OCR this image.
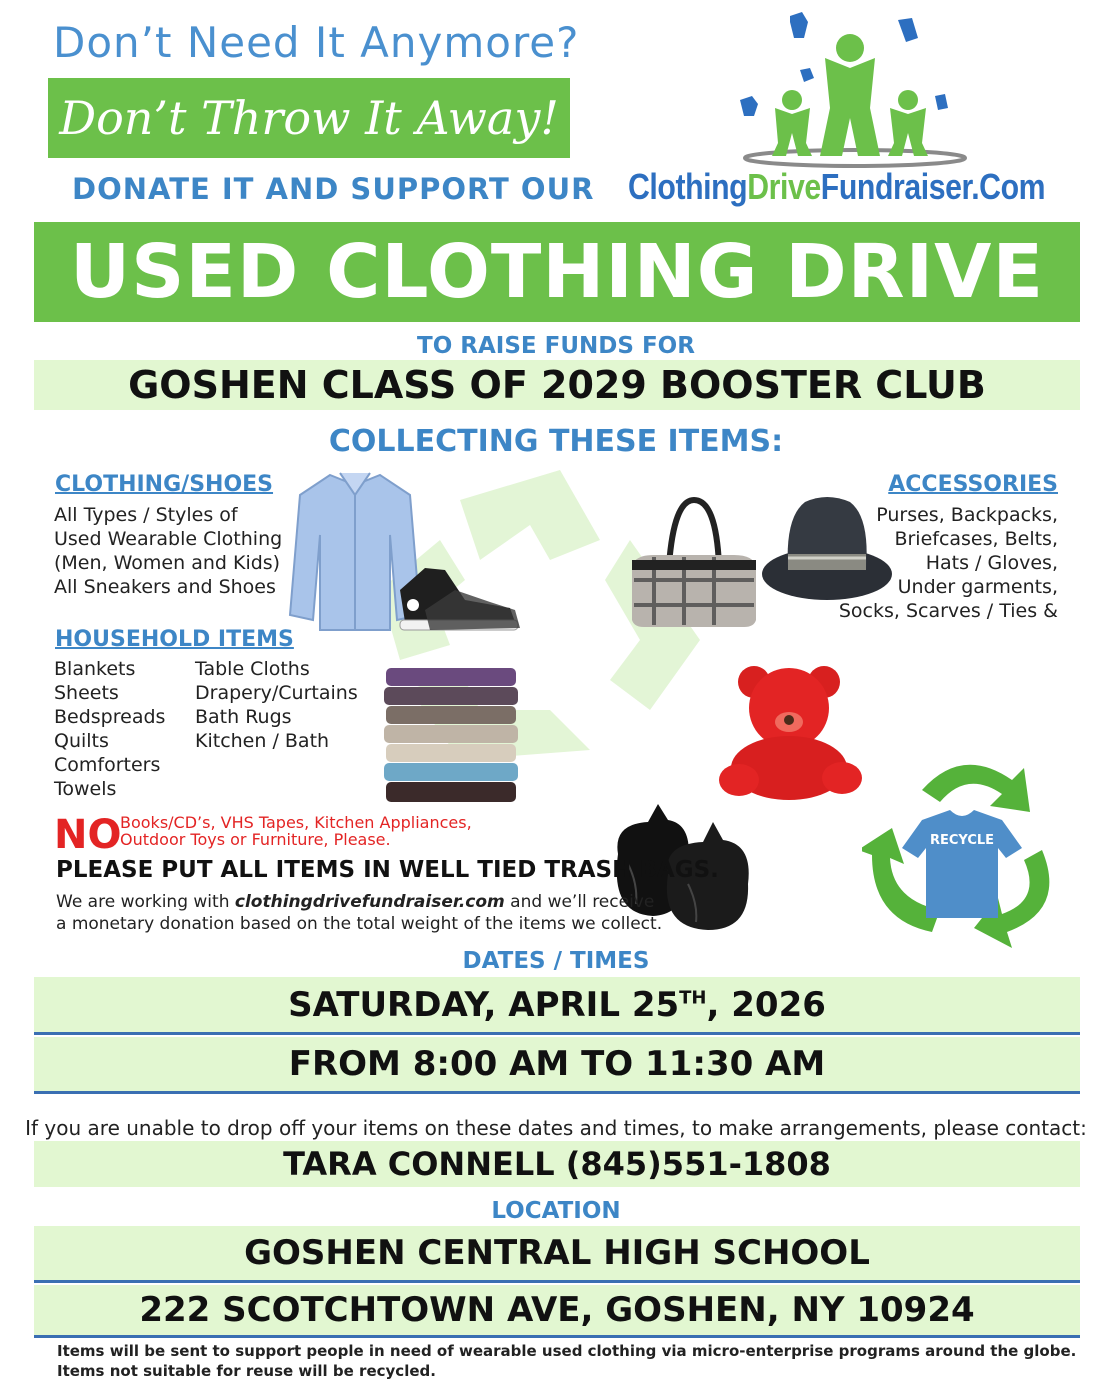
Don’t Need It Anymore?
Don’t Throw It Away!
DONATE IT AND SUPPORT OUR ClothingDriveFundraiser.Com
USED CLOTHING DRIVE
TO RAISE FUNDS FOR
GOSHEN CLASS OF 2029 BOOSTER CLUB
COLLECTING THESE ITEMS:
CLOTHING/SHOES
All Types / Styles of
Used Wearable Clothing
(Men, Women and Kids)
All Sneakers and Shoes
ACCESSORIES
Purses, Backpacks,
Briefcases, Belts,
Hats / Gloves,
Under garments,
Socks, Scarves / Ties &
HOUSEHOLD ITEMS
Blankets
Sheets
Bedspreads
Quilts
Comforters
Towels
Table Cloths
Drapery/Curtains
Bath Rugs
Kitchen / Bath
RECYCLE
NO
Books/CD’s, VHS Tapes, Kitchen Appliances,
Outdoor Toys or Furniture, Please.
PLEASE PUT ALL ITEMS IN WELL TIED TRASH BAGS.
We are working with clothingdrivefundraiser.com and we’ll receive
a monetary donation based on the total weight of the items we collect.
DATES / TIMES
SATURDAY, APRIL 25TH, 2026
FROM 8:00 AM TO 11:30 AM
If you are unable to drop off your items on these dates and times, to make arrangements, please contact:
TARA CONNELL (845)551-1808
LOCATION
GOSHEN CENTRAL HIGH SCHOOL
222 SCOTCHTOWN AVE, GOSHEN, NY 10924
Items will be sent to support people in need of wearable used clothing via micro-enterprise programs around the globe.
Items not suitable for reuse will be recycled.
